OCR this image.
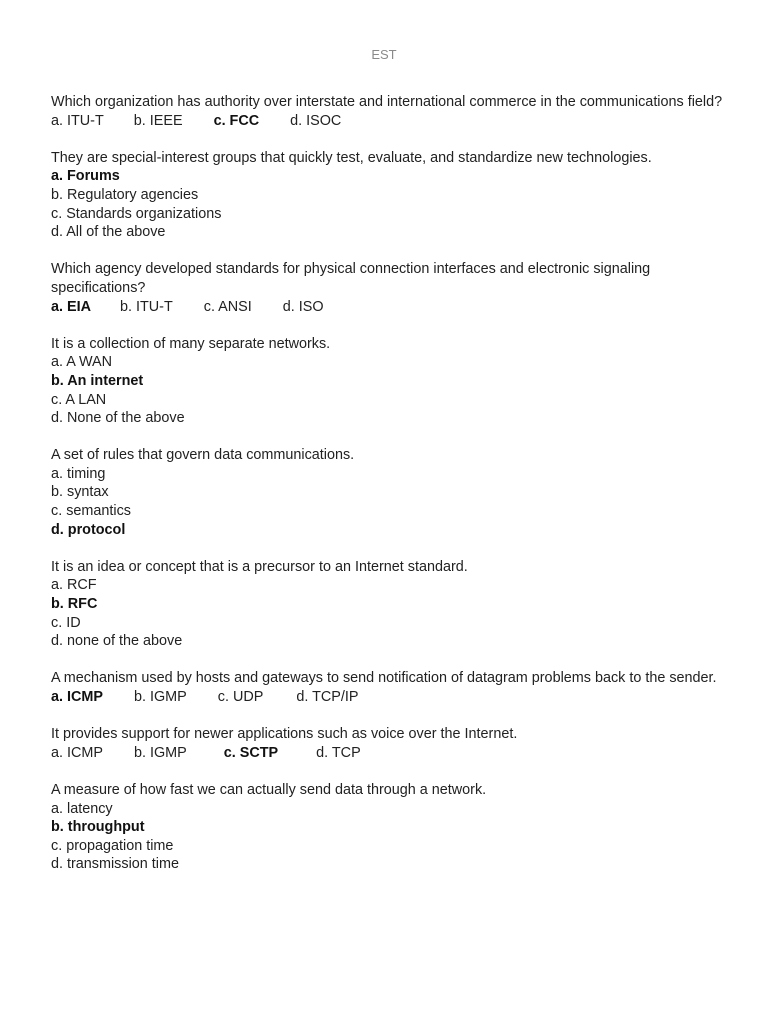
EST

Which organization has authority over interstate and international commerce in the communications field?

a. ITU-T b. IEEE c. FCC d. ISOC

They are special-interest groups that quickly test, evaluate, and standardize new technologies.

a. Forums
b. Regulatory agencies
c. Standards organizations
d. All of the above

Which agency developed standards for physical connection interfaces and electronic signaling specifications?

a. EIA b. ITU-T c. ANSI d. ISO

It is a collection of many separate networks.

a. A WAN
b. An internet
c. A LAN
d. None of the above

A set of rules that govern data communications.

a. timing
b. syntax
c. semantics
d. protocol

It is an idea or concept that is a precursor to an Internet standard.

a. RCF
b. RFC
c. ID
d. none of the above

A mechanism used by hosts and gateways to send notification of datagram problems back to the sender.

a. ICMP b. IGMP c. UDP d. TCP/IP

It provides support for newer applications such as voice over the Internet.

a. ICMP b. IGMP	c. SCTP	d. TCP

A measure of how fast we can actually send data through a network.

a. latency
b. throughput
c. propagation time
d. transmission time
